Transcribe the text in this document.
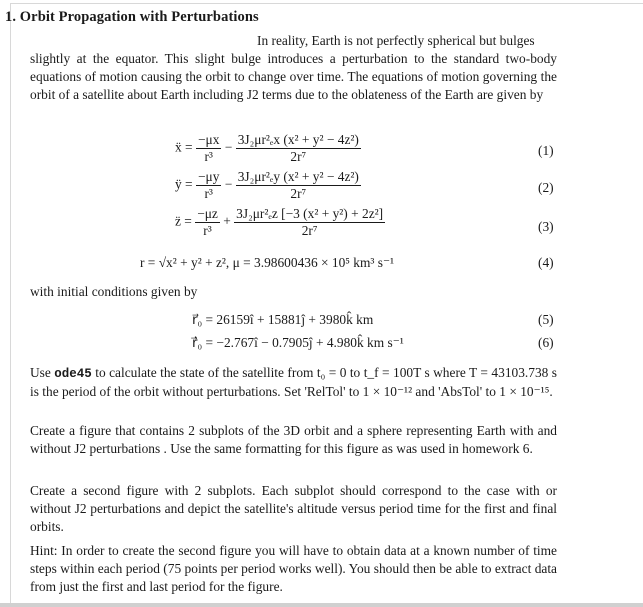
1. Orbit Propagation with Perturbations

In reality, Earth is not perfectly spherical but bulges
slightly at the equator. This slight bulge introduces a perturbation to the standard two-body equations of motion causing the orbit to change over time. The equations of motion governing the orbit of a satellite about Earth including J2 terms due to the oblateness of the Earth are given by

ẍ = $\frac{-\mu x}{\text{r³}} - \frac{\text{3J₂μr²ₑx (x² + y² − 4z²)}}{\text{2r⁷}}$	(1)
ÿ = $\frac{-\mu y}{\text{r³}} - \frac{\text{3J₂μr²ₑy (x² + y² − 4z²)}}{\text{2r⁷}}$	(2)
z̈ = $\frac{-\mu z}{\text{r³}} + \frac{\text{3J₂μr²ₑz [−3 (x² + y²) + 2z²]}}{\text{2r⁷}}$	(3)
r = √x² + y² + z², μ = 3.98600436 × 10⁵ km³ s⁻¹	(4)

with initial conditions given by

r⃗₀ = 26159î + 15881ĵ + 3980k̂ km	(5)
ṙ⃗₀ = −2.767î − 0.7905ĵ + 4.980k̂ km s⁻¹	(6)

Use ode45 to calculate the state of the satellite from t₀ = 0 to t_f = 100T s where T = 43103.738 s is the period of the orbit without perturbations. Set 'RelTol' to 1 × 10⁻¹² and 'AbsTol' to 1 × 10⁻¹⁵.

Create a figure that contains 2 subplots of the 3D orbit and a sphere representing Earth with and without J2 perturbations . Use the same formatting for this figure as was used in homework 6.

Create a second figure with 2 subplots. Each subplot should correspond to the case with or without J2 perturbations and depict the satellite's altitude versus period time for the first and final orbits.

Hint: In order to create the second figure you will have to obtain data at a known number of time steps within each period (75 points per period works well). You should then be able to extract data from just the first and last period for the figure.
